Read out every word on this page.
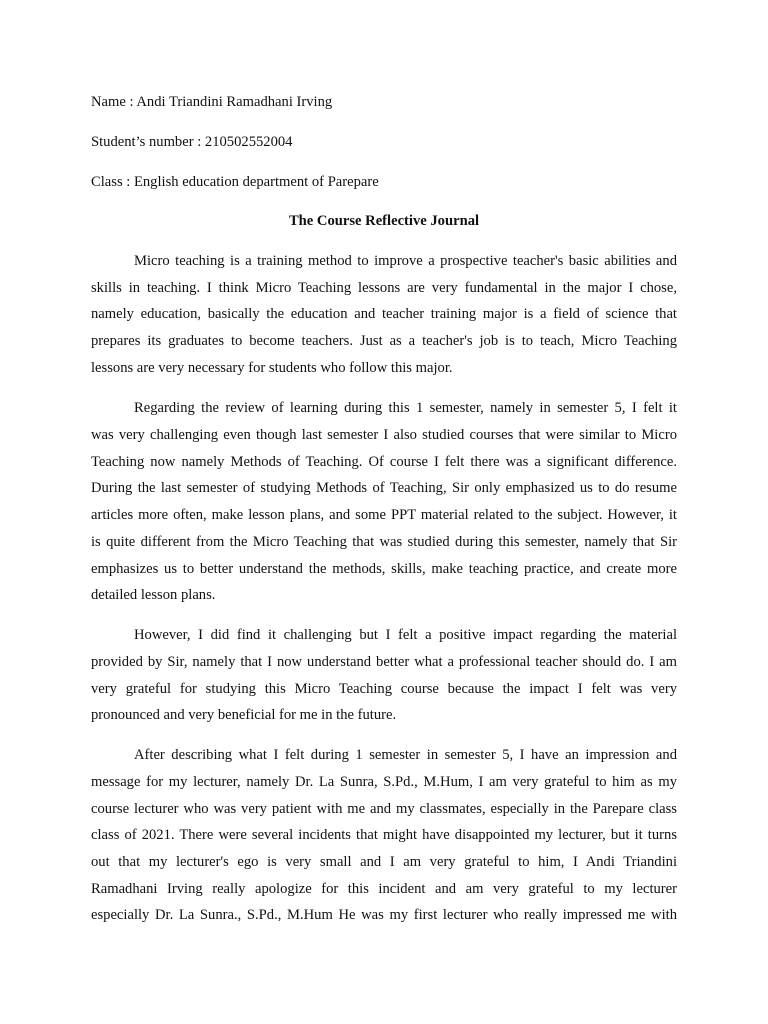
Name : Andi Triandini Ramadhani Irving
Student’s number : 210502552004
Class : English education department of Parepare
The Course Reflective Journal
Micro teaching is a training method to improve a prospective teacher's basic abilities and
skills in teaching. I think Micro Teaching lessons are very fundamental in the major I chose,
namely education, basically the education and teacher training major is a field of science that
prepares its graduates to become teachers. Just as a teacher's job is to teach, Micro Teaching
lessons are very necessary for students who follow this major.
Regarding the review of learning during this 1 semester, namely in semester 5, I felt it
was very challenging even though last semester I also studied courses that were similar to Micro
Teaching now namely Methods of Teaching. Of course I felt there was a significant difference.
During the last semester of studying Methods of Teaching, Sir only emphasized us to do resume
articles more often, make lesson plans, and some PPT material related to the subject. However, it
is quite different from the Micro Teaching that was studied during this semester, namely that Sir
emphasizes us to better understand the methods, skills, make teaching practice, and create more
detailed lesson plans.
However, I did find it challenging but I felt a positive impact regarding the material
provided by Sir, namely that I now understand better what a professional teacher should do. I am
very grateful for studying this Micro Teaching course because the impact I felt was very
pronounced and very beneficial for me in the future.
After describing what I felt during 1 semester in semester 5, I have an impression and
message for my lecturer, namely Dr. La Sunra, S.Pd., M.Hum, I am very grateful to him as my
course lecturer who was very patient with me and my classmates, especially in the Parepare class
class of 2021. There were several incidents that might have disappointed my lecturer, but it turns
out that my lecturer's ego is very small and I am very grateful to him, I Andi Triandini
Ramadhani Irving really apologize for this incident and am very grateful to my lecturer
especially Dr. La Sunra., S.Pd., M.Hum He was my first lecturer who really impressed me with
